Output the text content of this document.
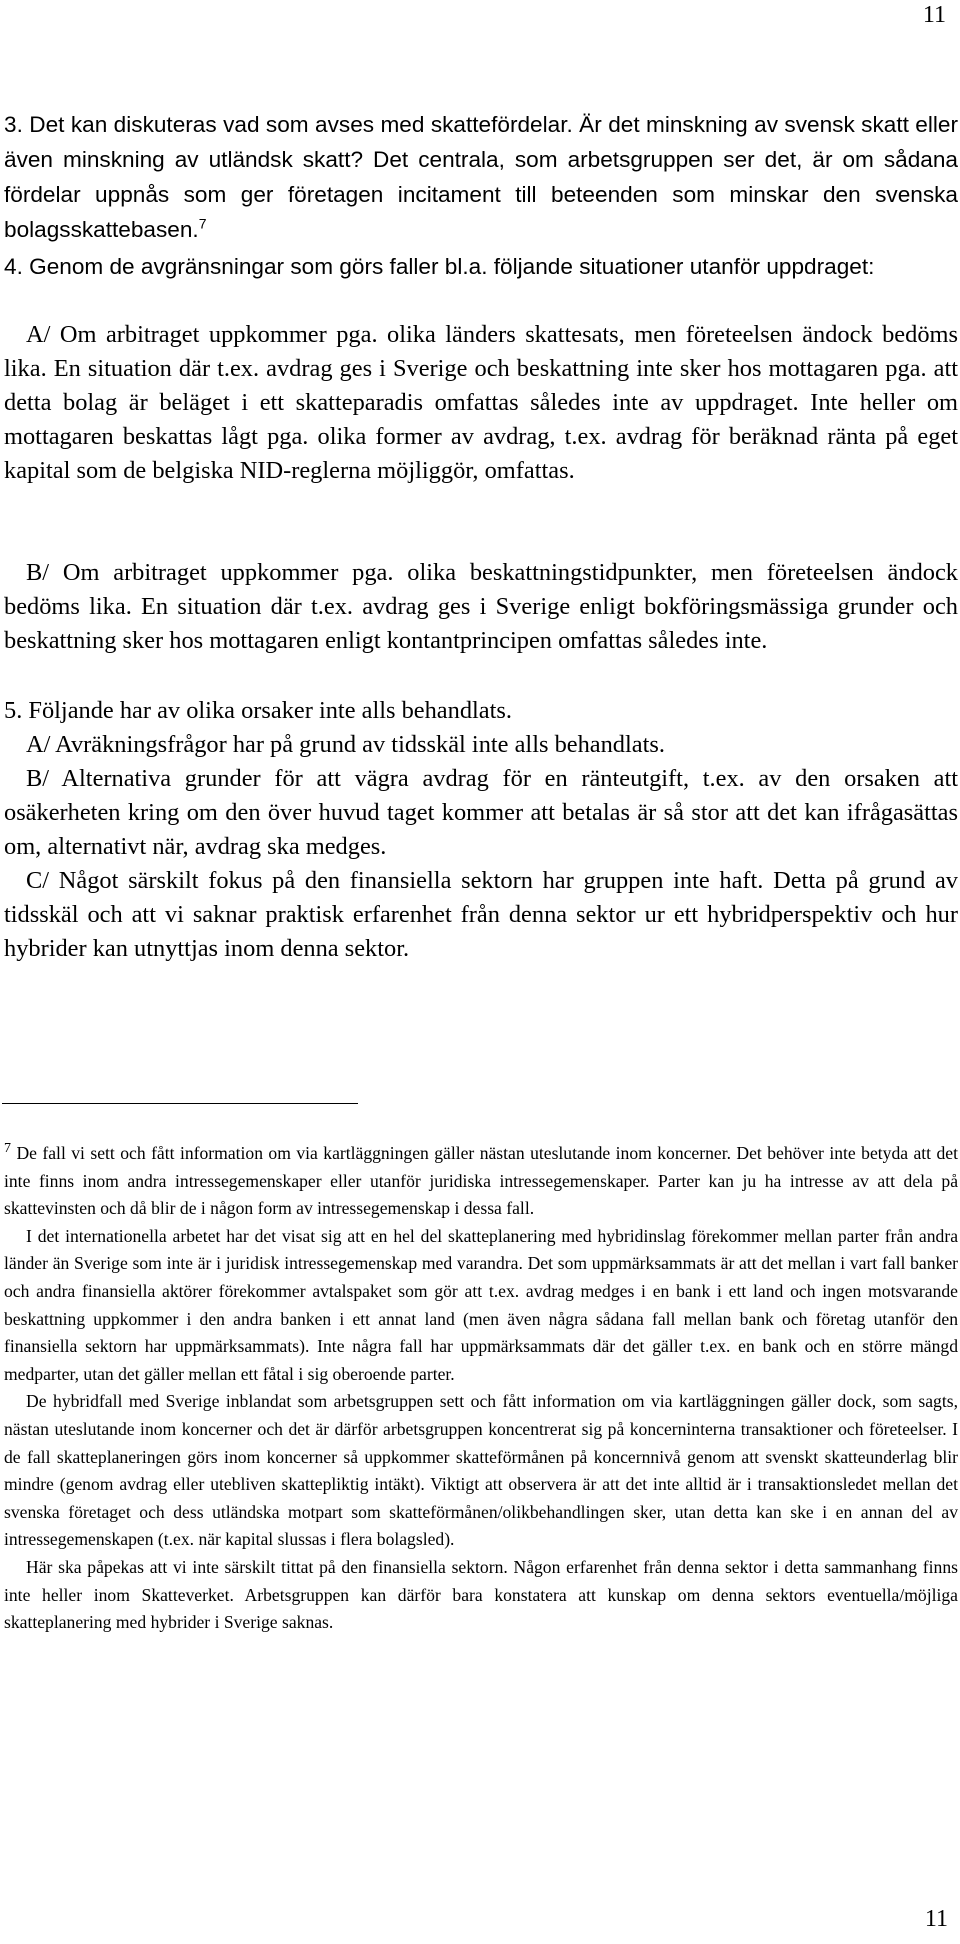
11

3. Det kan diskuteras vad som avses med skattefördelar. Är det minskning av svensk skatt eller även minskning av utländsk skatt? Det centrala, som arbetsgruppen ser det, är om sådana fördelar uppnås som ger företagen incitament till beteenden som minskar den svenska bolagsskattebasen.$^7$

4. Genom de avgränsningar som görs faller bl.a. följande situationer utanför uppdraget:

A/ Om arbitraget uppkommer pga. olika länders skattesats, men företeelsen ändock bedöms lika. En situation där t.ex. avdrag ges i Sverige och beskattning inte sker hos mottagaren pga. att detta bolag är beläget i ett skatteparadis omfattas således inte av uppdraget. Inte heller om mottagaren beskattas lågt pga. olika former av avdrag, t.ex. avdrag för beräknad ränta på eget kapital som de belgiska NID-reglerna möjliggör, omfattas.

B/ Om arbitraget uppkommer pga. olika beskattningstidpunkter, men företeelsen ändock bedöms lika. En situation där t.ex. avdrag ges i Sverige enligt bokföringsmässiga grunder och beskattning sker hos mottagaren enligt kontantprincipen omfattas således inte.

5. Följande har av olika orsaker inte alls behandlats.

A/ Avräkningsfrågor har på grund av tidsskäl inte alls behandlats.

B/ Alternativa grunder för att vägra avdrag för en ränteutgift, t.ex. av den orsaken att osäkerheten kring om den över huvud taget kommer att betalas är så stor att det kan ifrågasättas om, alternativt när, avdrag ska medges.

C/ Något särskilt fokus på den finansiella sektorn har gruppen inte haft. Detta på grund av tidsskäl och att vi saknar praktisk erfarenhet från denna sektor ur ett hybridperspektiv och hur hybrider kan utnyttjas inom denna sektor.

$^7$ De fall vi sett och fått information om via kartläggningen gäller nästan uteslutande inom koncerner. Det behöver inte betyda att det inte finns inom andra intressegemenskaper eller utanför juridiska intressegemenskaper. Parter kan ju ha intresse av att dela på skattevinsten och då blir de i någon form av intressegemenskap i dessa fall.

I det internationella arbetet har det visat sig att en hel del skatteplanering med hybridinslag förekommer mellan parter från andra länder än Sverige som inte är i juridisk intressegemenskap med varandra. Det som uppmärksammats är att det mellan i vart fall banker och andra finansiella aktörer förekommer avtalspaket som gör att t.ex. avdrag medges i en bank i ett land och ingen motsvarande beskattning uppkommer i den andra banken i ett annat land (men även några sådana fall mellan bank och företag utanför den finansiella sektorn har uppmärksammats). Inte några fall har uppmärksammats där det gäller t.ex. en bank och en större mängd medparter, utan det gäller mellan ett fåtal i sig oberoende parter.

De hybridfall med Sverige inblandat som arbetsgruppen sett och fått information om via kartläggningen gäller dock, som sagts, nästan uteslutande inom koncerner och det är därför arbetsgruppen koncentrerat sig på koncerninterna transaktioner och företeelser. I de fall skatteplaneringen görs inom koncerner så uppkommer skatteförmånen på koncernnivå genom att svenskt skatteunderlag blir mindre (genom avdrag eller utebliven skattepliktig intäkt). Viktigt att observera är att det inte alltid är i transaktionsledet mellan det svenska företaget och dess utländska motpart som skatteförmånen/olikbehandlingen sker, utan detta kan ske i en annan del av intressegemenskapen (t.ex. när kapital slussas i flera bolagsled).

Här ska påpekas att vi inte särskilt tittat på den finansiella sektorn. Någon erfarenhet från denna sektor i detta sammanhang finns inte heller inom Skatteverket. Arbetsgruppen kan därför bara konstatera att kunskap om denna sektors eventuella/möjliga skatteplanering med hybrider i Sverige saknas.

11
